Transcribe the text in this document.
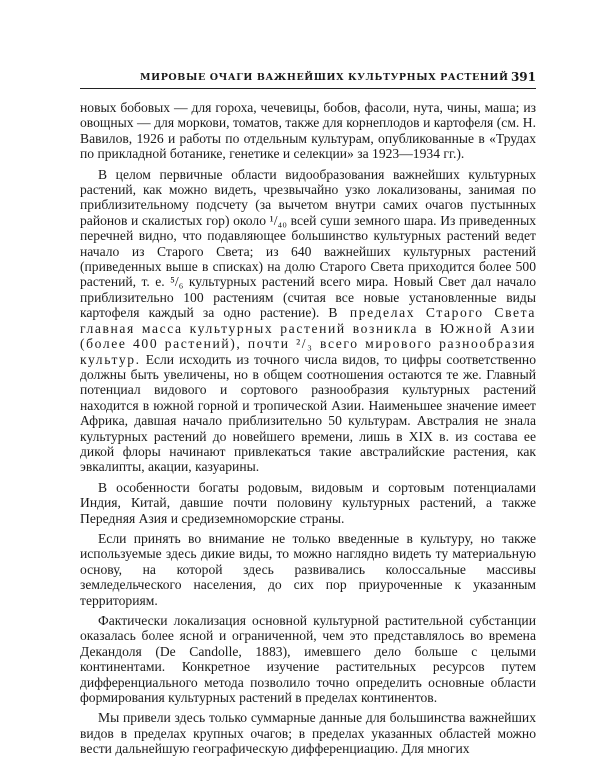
МИРОВЫЕ ОЧАГИ ВАЖНЕЙШИХ КУЛЬТУРНЫХ РАСТЕНИЙ 391

новых бобовых — для гороха, чечевицы, бобов, фасоли, нута, чины, маша; из овощных — для моркови, томатов, также для корнеплодов и картофеля (см. Н. Вавилов, 1926 и работы по отдельным культурам, опубликованные в «Трудах по прикладной ботанике, генетике и селекции» за 1923—1934 гг.).

В целом первичные области видообразования важнейших культурных растений, как можно видеть, чрезвычайно узко локализованы, занимая по приблизительному подсчету (за вычетом внутри самих очагов пустынных районов и скалистых гор) около ¹/₄₀ всей суши земного шара. Из приведенных перечней видно, что подавляющее большинство культурных растений ведет начало из Старого Света; из 640 важнейших культурных растений (приведенных выше в списках) на долю Старого Света приходится более 500 растений, т. е. ⁵/₆ культурных растений всего мира. Новый Свет дал начало приблизительно 100 растениям (считая все новые установленные виды картофеля каждый за одно растение). В пределах Старого Света главная масса культурных растений возникла в Южной Азии (более 400 растений), почти ²/₃ всего мирового разнообразия культур. Если исходить из точного числа видов, то цифры соответственно должны быть увеличены, но в общем соотношения остаются те же. Главный потенциал видового и сортового разнообразия культурных растений находится в южной горной и тропической Азии. Наименьшее значение имеет Африка, давшая начало приблизительно 50 культурам. Австралия не знала культурных растений до новейшего времени, лишь в XIX в. из состава ее дикой флоры начинают привлекаться такие австралийские растения, как эвкалипты, акации, казуарины.

В особенности богаты родовым, видовым и сортовым потенциалами Индия, Китай, давшие почти половину культурных растений, а также Передняя Азия и средиземноморские страны.

Если принять во внимание не только введенные в культуру, но также используемые здесь дикие виды, то можно наглядно видеть ту материальную основу, на которой здесь развивались колоссальные массивы земледельческого населения, до сих пор приуроченные к указанным территориям.

Фактически локализация основной культурной растительной субстанции оказалась более ясной и ограниченной, чем это представлялось во времена Декандоля (De Candolle, 1883), имевшего дело больше с целыми континентами. Конкретное изучение растительных ресурсов путем дифференциального метода позволило точно определить основные области формирования культурных растений в пределах континентов.

Мы привели здесь только суммарные данные для большинства важнейших видов в пределах крупных очагов; в пределах указанных областей можно вести дальнейшую географическую дифференциацию. Для многих
